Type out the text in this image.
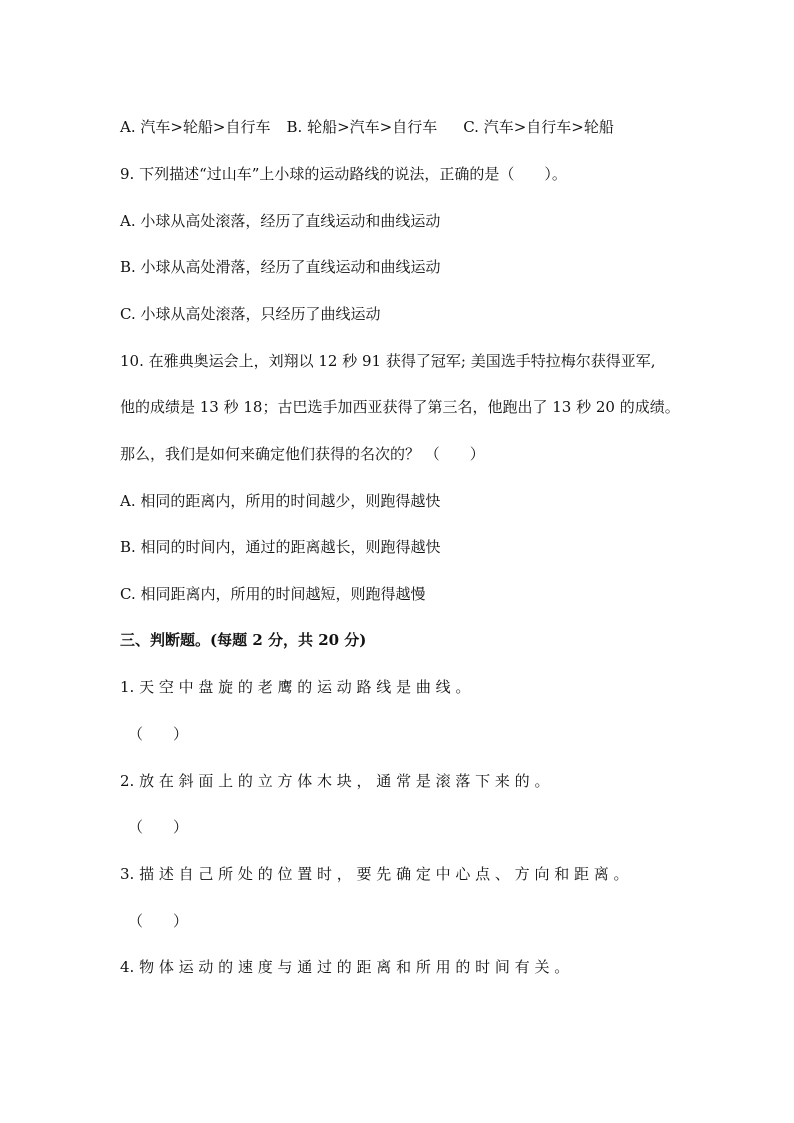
A. 汽车>轮船>自行车 B. 轮船>汽车>自行车 C. 汽车>自行车>轮船

9. 下列描述“过山车”上小球的运动路线的说法，正确的是（　　）。

A. 小球从高处滚落，经历了直线运动和曲线运动

B. 小球从高处滑落，经历了直线运动和曲线运动

C. 小球从高处滚落，只经历了曲线运动

10. 在雅典奥运会上，刘翔以 12 秒 91 获得了冠军; 美国选手特拉梅尔获得亚军,

他的成绩是 13 秒 18；古巴选手加西亚获得了第三名，他跑出了 13 秒 20 的成绩。

那么，我们是如何来确定他们获得的名次的？ （　　）

A. 相同的距离内，所用的时间越少，则跑得越快

B. 相同的时间内，通过的距离越长，则跑得越快

C. 相同距离内，所用的时间越短，则跑得越慢

三、判断题。(每题 2 分，共 20 分)

1. 天 空 中 盘 旋 的 老 鹰 的 运 动 路 线 是 曲 线 。

（　　）

2. 放 在 斜 面 上 的 立 方 体 木 块 ， 通 常 是 滚 落 下 来 的 。

（　　）

3. 描 述 自 己 所 处 的 位 置 时 ， 要 先 确 定 中 心 点 、 方 向 和 距 离 。

（　　）

4. 物 体 运 动 的 速 度 与 通 过 的 距 离 和 所 用 的 时 间 有 关 。
